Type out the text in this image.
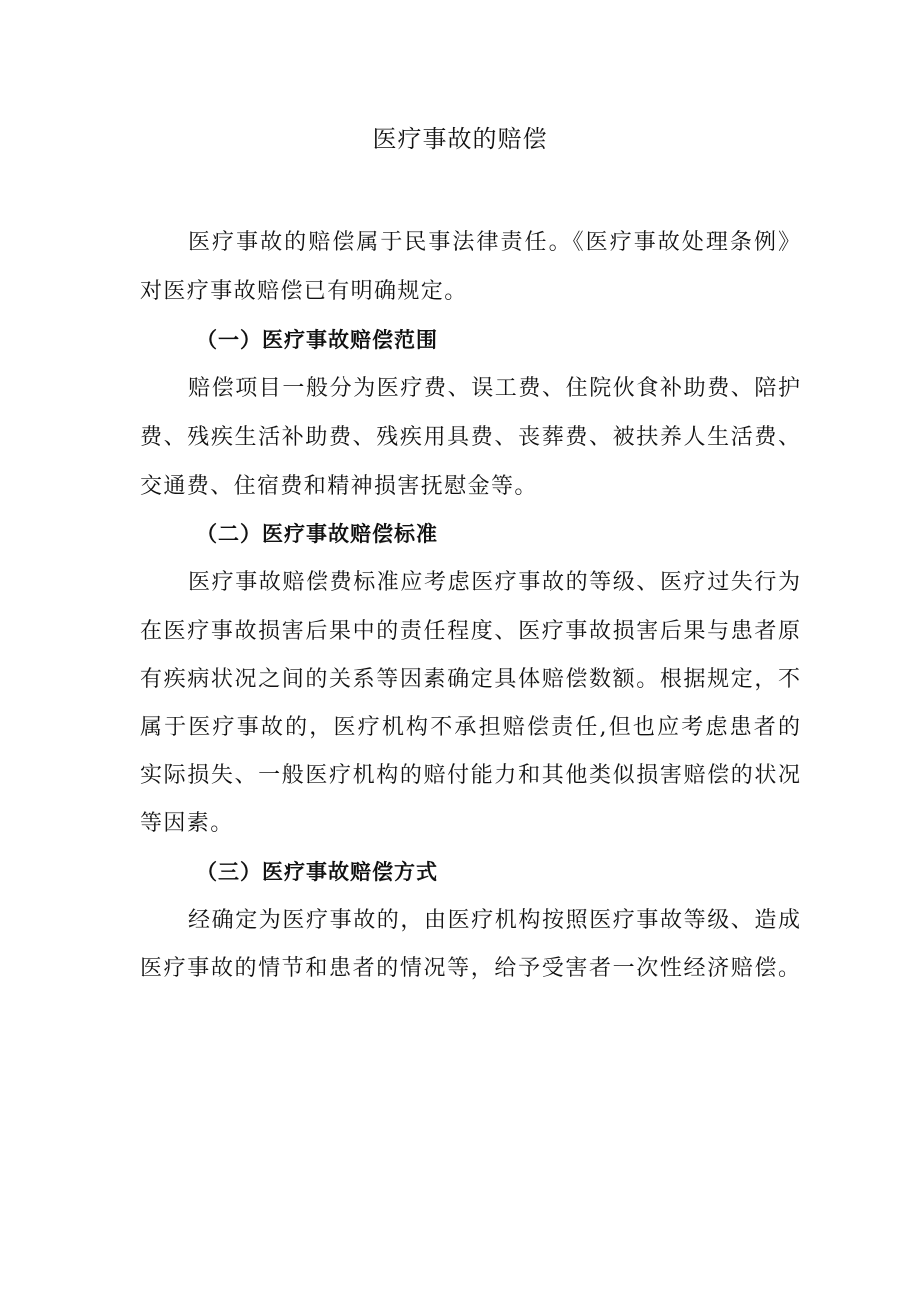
医疗事故的赔偿
医疗事故的赔偿属于民事法律责任。《医疗事故处理条例》
对医疗事故赔偿已有明确规定。
（一）医疗事故赔偿范围
赔偿项目一般分为医疗费、误工费、住院伙食补助费、陪护
费、残疾生活补助费、残疾用具费、丧葬费、被扶养人生活费、
交通费、住宿费和精神损害抚慰金等。
（二）医疗事故赔偿标准
医疗事故赔偿费标准应考虑医疗事故的等级、医疗过失行为
在医疗事故损害后果中的责任程度、医疗事故损害后果与患者原
有疾病状况之间的关系等因素确定具体赔偿数额。根据规定，不
属于医疗事故的，医疗机构不承担赔偿责任,但也应考虑患者的
实际损失、一般医疗机构的赔付能力和其他类似损害赔偿的状况
等因素。
（三）医疗事故赔偿方式
经确定为医疗事故的，由医疗机构按照医疗事故等级、造成
医疗事故的情节和患者的情况等，给予受害者一次性经济赔偿。
